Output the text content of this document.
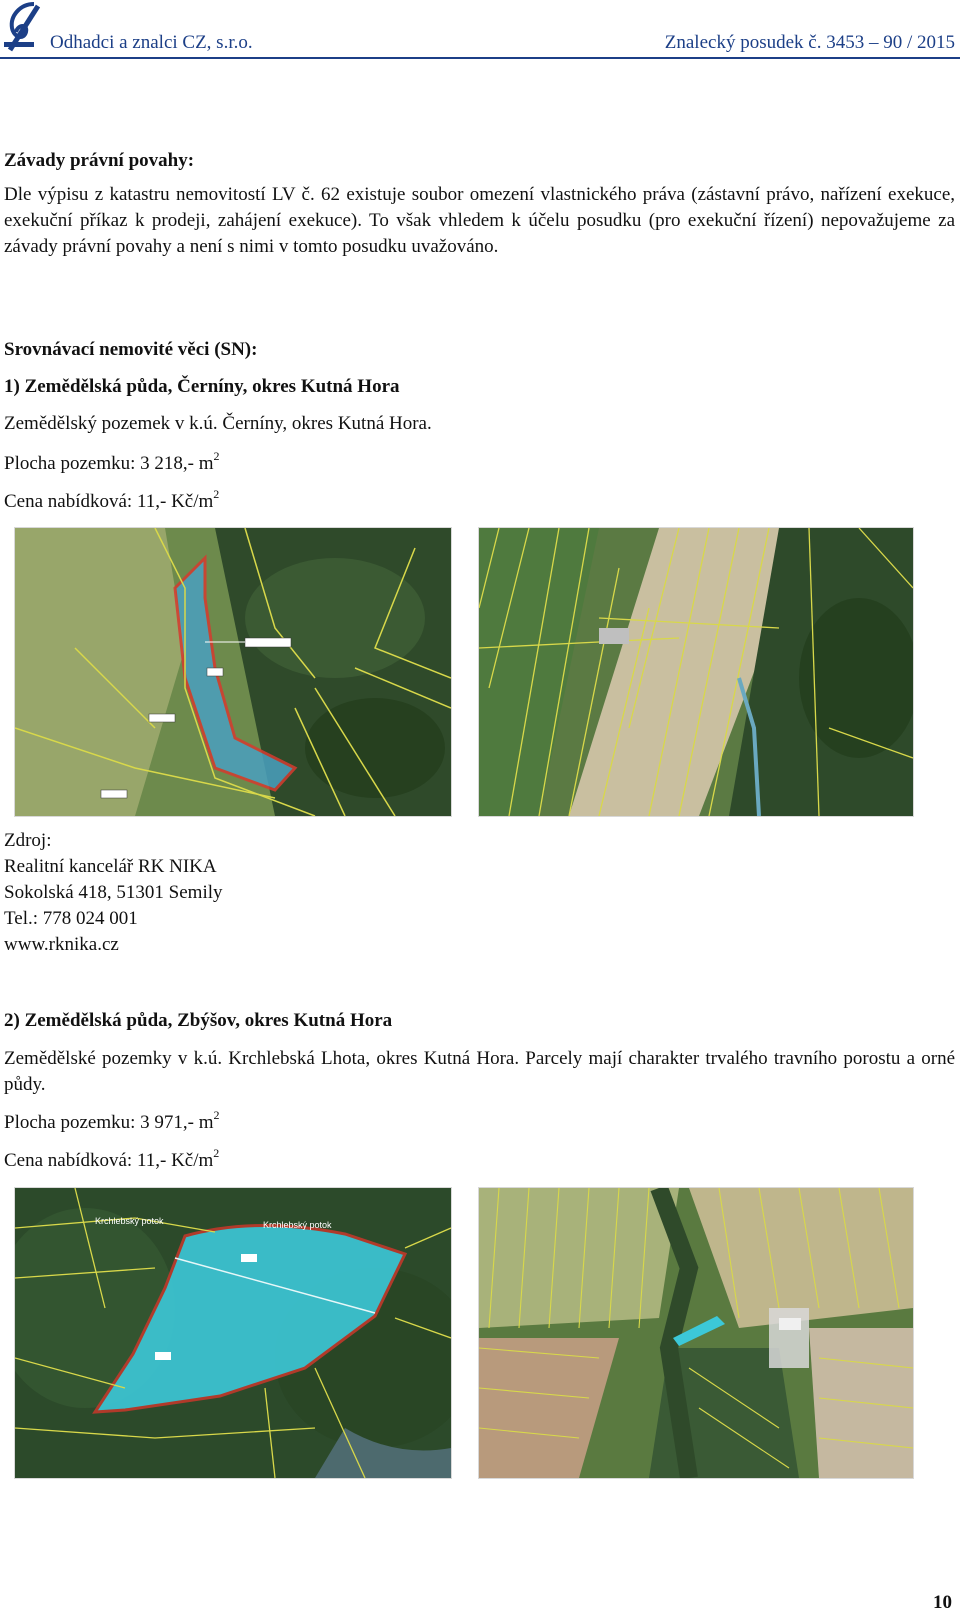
Odhadci a znalci CZ, s.r.o.	Znalecký posudek č. 3453 – 90 / 2015

Závady právní povahy:

Dle výpisu z katastru nemovitostí LV č. 62 existuje soubor omezení vlastnického práva (zástavní právo, nařízení exekuce, exekuční příkaz k prodeji, zahájení exekuce). To však vhledem k účelu posudku (pro exekuční řízení) nepovažujeme za závady právní povahy a není s nimi v tomto posudku uvažováno.

Srovnávací nemovité věci (SN):

1) Zemědělská půda, Černíny, okres Kutná Hora

Zemědělský pozemek v k.ú. Černíny, okres Kutná Hora.

Plocha pozemku: 3 218,- $m^2$

Cena nabídková: 11,- $Kč/m^2$

Zdroj:

Realitní kancelář RK NIKA

Sokolská 418, 51301 Semily

Tel.: 778 024 001

www.rknika.cz

2) Zemědělská půda, Zbýšov, okres Kutná Hora

Zemědělské pozemky v k.ú. Krchlebská Lhota, okres Kutná Hora. Parcely mají charakter trvalého travního porostu a orné půdy.

Plocha pozemku: 3 971,- $m^2$

Cena nabídková: 11,- $Kč/m^2$

Krchlebský potok	Krchlebský potok
10
